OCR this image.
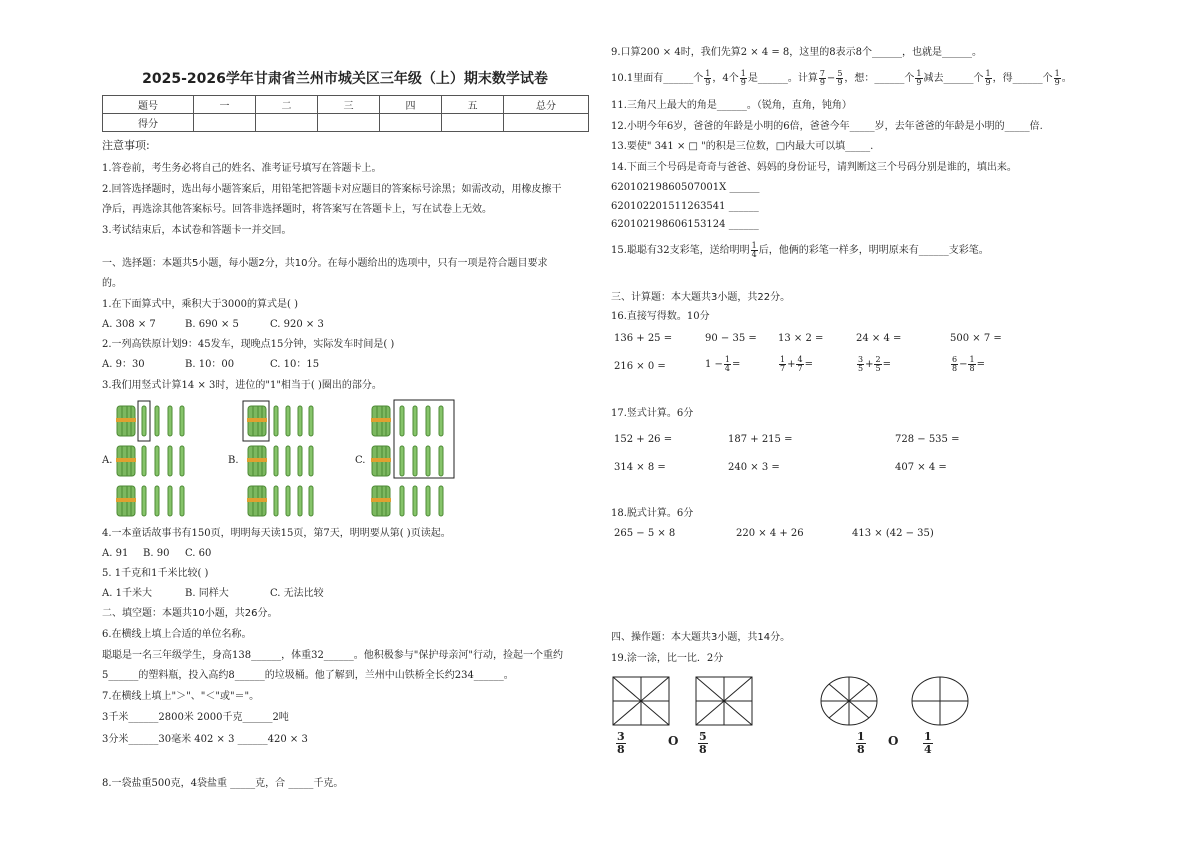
2025-2026学年甘肃省兰州市城关区三年级（上）期末数学试卷
题号	一	二	三	四	五	总分
得分						
注意事项:
1.答卷前，考生务必将自己的姓名、准考证号填写在答题卡上。
2.回答选择题时，选出每小题答案后，用铅笔把答题卡对应题目的答案标号涂黑；如需改动，用橡皮擦干
净后，再选涂其他答案标号。回答非选择题时，将答案写在答题卡上，写在试卷上无效。
3.考试结束后，本试卷和答题卡一并交回。
一、选择题：本题共5小题，每小题2分，共10分。在每小题给出的选项中，只有一项是符合题目要求
的。
1.在下面算式中，乘积大于3000的算式是( )
A. 308 × 7	B. 690 × 5	C. 920 × 3
2.一列高铁原计划9：45发车，现晚点15分钟，实际发车时间是( )
A. 9：30	B. 10：00	C. 10：15
3.我们用竖式计算14 × 3时，进位的"1"相当于( )圈出的部分。
A.	B.	C.
4.一本童话故事书有150页，明明每天读15页，第7天，明明要从第( )页读起。
A. 91 B. 90 C. 60
5. 1千克和1千米比较( )
A. 1千米大	B. 同样大	C. 无法比较
二、填空题：本题共10小题，共26分。
6.在横线上填上合适的单位名称。
聪聪是一名三年级学生，身高138______，体重32______。他积极参与"保护母亲河"行动，捡起一个重约
5______的塑料瓶，投入高约8______的垃圾桶。他了解到，兰州中山铁桥全长约234______。
7.在横线上填上"＞"、"＜"或"＝"。
3千米______2800米 2000千克______2吨
3分米______30毫米 402 × 3 ______420 × 3
8.一袋盐重500克，4袋盐重 _____克，合 _____千克。
9.口算200 × 4时，我们先算2 × 4 = 8，这里的8表示8个______，也就是______。
10.1里面有______个 $\frac{1}{9}$ ，4个 $\frac{1}{9}$ 是______。计算 $\frac{7}{9} - \frac{5}{9}$ ，想：______个 $\frac{1}{9}$ 减去______个 $\frac{1}{9}$ ，得______个 $\frac{1}{9}$ 。
11.三角尺上最大的角是______。（锐角，直角，钝角）
12.小明今年6岁，爸爸的年龄是小明的6倍，爸爸今年_____岁，去年爸爸的年龄是小明的_____倍.
13.要使" 341 × □ "的积是三位数，□内最大可以填_____.
14.下面三个号码是奇奇与爸爸、妈妈的身份证号，请判断这三个号码分别是谁的，填出来。
62010219860507001X ______
620102201511263541 ______
620102198606153124 ______
15.聪聪有32支彩笔，送给明明 $\frac{1}{4}$ 后，他俩的彩笔一样多，明明原来有______支彩笔。
三、计算题：本大题共3小题，共22分。
16.直接写得数。10分
136 + 25 =	90 − 35 = 13 × 2 =	24 × 4 =	500 × 7 =
216 × 0 =	$1 - \frac{1}{4}$ =	$\frac{1}{7} + \frac{4}{7}$ =	$\frac{3}{5} + \frac{2}{5}$ =	$\frac{6}{8} - \frac{1}{8}$ =
17.竖式计算。6分
152 + 26 =	187 + 215 =	728 − 535 =
314 × 8 =	240 × 3 =	407 × 4 =
18.脱式计算。6分
265 − 5 × 8	220 × 4 + 26	413 × (42 − 35)
四、操作题：本大题共3小题，共14分。
19.涂一涂，比一比．2分
3
8
O 5
8
1
8
O 1
4
